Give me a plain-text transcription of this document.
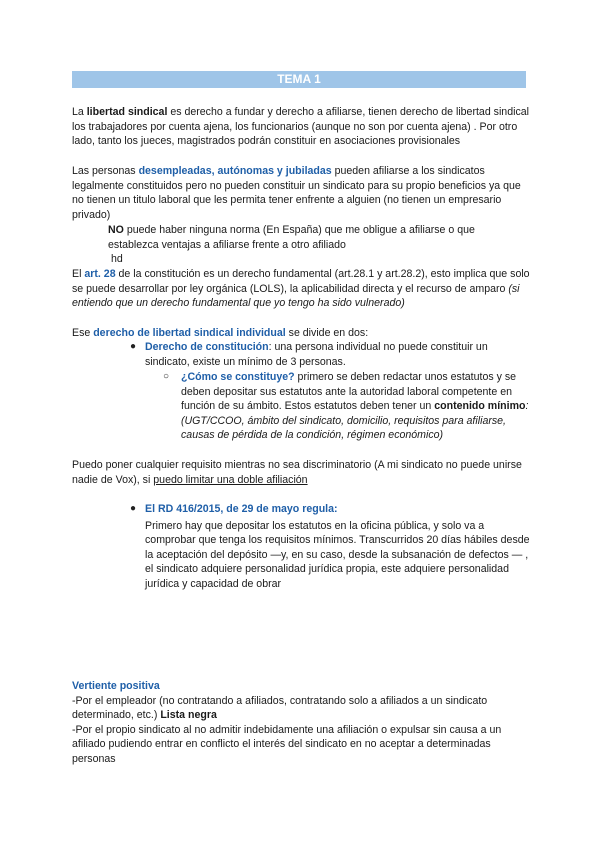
TEMA 1
La libertad sindical es derecho a fundar y derecho a afiliarse, tienen derecho de libertad sindical los trabajadores por cuenta ajena, los funcionarios (aunque no son por cuenta ajena) . Por otro lado, tanto los jueces, magistrados podrán constituir en asociaciones provisionales
Las personas desempleadas, autónomas y jubiladas pueden afiliarse a los sindicatos legalmente constituidos pero no pueden constituir un sindicato para su propio beneficios ya que no tienen un titulo laboral que les permita tener enfrente a alguien (no tienen un empresario privado)
NO puede haber ninguna norma (En España) que me obligue a afiliarse o que establezca ventajas a afiliarse frente a otro afiliado
hd
El art. 28 de la constitución es un derecho fundamental (art.28.1 y art.28.2), esto implica que solo se puede desarrollar por ley orgánica (LOLS), la aplicabilidad directa y el recurso de amparo (si entiendo que un derecho fundamental que yo tengo ha sido vulnerado)
Ese derecho de libertad sindical individual se divide en dos:
● Derecho de constitución: una persona individual no puede constituir un sindicato, existe un mínimo de 3 personas.
○ ¿Cómo se constituye? primero se deben redactar unos estatutos y se deben depositar sus estatutos ante la autoridad laboral competente en función de su ámbito. Estos estatutos deben tener un contenido mínimo:(UGT/CCOO, ámbito del sindicato, domicilio, requisitos para afiliarse, causas de pérdida de la condición, régimen económico)
Puedo poner cualquier requisito mientras no sea discriminatorio (A mi sindicato no puede unirse nadie de Vox), si puedo limitar una doble afiliación
● El RD 416/2015, de 29 de mayo regula:
Primero hay que depositar los estatutos en la oficina pública, y solo va a comprobar que tenga los requisitos mínimos. Transcurridos 20 días hábiles desde la aceptación del depósito —y, en su caso, desde la subsanación de defectos — , el sindicato adquiere personalidad jurídica propia, este adquiere personalidad jurídica y capacidad de obrar
Vertiente positiva
-Por el empleador (no contratando a afiliados, contratando solo a afiliados a un sindicato determinado, etc.) Lista negra
-Por el propio sindicato al no admitir indebidamente una afiliación o expulsar sin causa a un afiliado pudiendo entrar en conflicto el interés del sindicato en no aceptar a determinadas personas
